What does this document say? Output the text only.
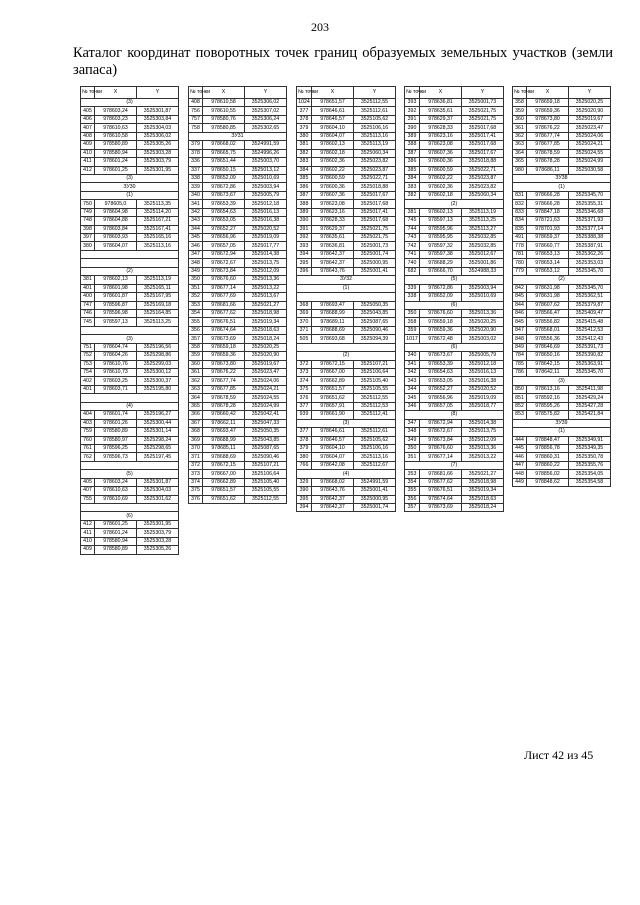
203
Каталог координат поворотных точек границ образуемых земельных участков (земли запаса)
№ точки	X	Y
(3)		
405	978603,24	3525301,87
406	978603,23	3525303,84
407	978610,63	3525304,03
408	978610,58	3525306,02
409	978580,89	3525305,26
410	978580,94	3525303,28
411	978601,24	3525303,79
412	978601,25	3525301,95
(3)		
ЗУ30		
(1)		
750	978605,0	3525113,35
749	978604,98	3525114,20
748	978604,88	3525167,21
398	978603,84	3525167,41
397	978603,93	3525165,16
380	978604,07	3525113,16

(2)		
381	978602,13	3525113,19
401	978601,98	3525165,11
400	978601,87	3525167,95
747	978596,87	3525169,18
746	978596,98	3525164,85
745	978597,13	3525113,25

(3)		
751	978604,74	3525196,56
752	978604,26	3525298,86
753	978610,76	3525299,03
754	978610,73	3525300,12
402	978603,25	3525300,37
401	978603,71	3525195,80

(4)		
404	978601,74	3525196,27
403	978601,26	3525300,44
759	978580,89	3525301,14
760	978580,97	3525298,24
761	978596,25	3525298,65
762	978596,73	3525197,45

(5)		
405	978603,24	3525301,87
407	978610,63	3525304,03
755	978610,69	3525301,62

(6)		
412	978601,25	3525301,95
411	978601,24	3525303,79
410	978580,94	3525303,28
409	978580,89	3525305,26
№ точки	X	Y
408	978610,58	3525306,02
756	978610,55	3525307,02
757	978580,76	3525306,24
758	978580,85	3525302,65
ЗУ31		
379	978668,02	3524991,59
378	978665,75	3524996,26
336	978651,44	3525003,70
337	978650,15	3525013,12
338	978652,09	3525010,69
339	978672,86	3525003,94
340	978673,67	3525005,79
341	978653,39	3525012,18
342	978654,63	3525016,13
343	978653,05	3525016,38
344	978652,27	3525020,52
345	978656,96	3525019,09
346	978657,05	3525017,77
347	978672,94	3525014,38
348	978672,67	3525013,75
349	978673,84	3525012,09
350	978676,60	3525013,36
351	978677,14	3525013,22
352	978677,69	3525013,67
353	978681,66	3525021,27
354	978677,62	3525018,98
355	978676,51	3525019,34
356	978674,64	3525018,63
357	978673,69	3525018,24
358	978659,18	3525020,25
359	978659,36	3525020,90
360	978673,80	3525019,67
361	978676,22	3525023,47
362	978677,74	3525024,06
363	978677,85	3525024,21
364	978678,59	3525024,55
365	978678,28	3525024,99
366	978660,42	3525042,41
367	978662,11	3525047,33
368	978693,47	3525050,35
369	978688,99	3525043,85
370	978685,11	3525087,65
371	978688,69	3525090,46
372	978672,15	3525107,21
373	978667,00	3525106,64
374	978662,89	3525105,40
375	978651,57	3525105,55
376	978651,62	3525112,55
№ точки	X	Y
1024	978651,57	3525112,55
377	978646,61	3525112,61
378	978646,57	3525105,62
379	978604,10	3525106,16
380	978604,07	3525113,16
381	978602,13	3525113,19
382	978602,18	3525060,34
383	978602,36	3525023,82
384	978602,22	3525023,87
385	978600,59	3525022,71
386	978600,36	3525018,88
387	978607,36	3525017,67
388	978623,08	3525017,68
389	978623,16	3525017,41
390	978628,33	3525017,68
391	978629,37	3525021,75
392	978635,61	3525021,75
393	978636,81	3525001,73
394	978642,37	3525001,74
395	978642,37	3525000,95
396	978643,76	3525001,41
ЗУ32		
(1)		

368	978693,47	3525050,35
369	978688,99	3525043,85
370	978689,11	3525087,65
371	978688,69	3525090,46
505	978693,68	3525094,39

(2)		
372	978672,15	3525107,21
373	978667,00	3525106,64
374	978662,89	3525105,40
375	978651,57	3525105,55
376	978651,62	3525112,55
377	978657,91	3525112,53
939	978661,90	3525112,41
(3)		
377	978646,61	3525112,61
378	978646,57	3525105,62
379	978604,10	3525106,16
380	978604,07	3525113,16
766	978642,08	3525112,67
(4)		
329	978668,02	3524991,59
390	978643,76	3525001,41
395	978642,37	3525000,95
394	978642,37	3525001,74
№ точки	X	Y
393	978636,81	3525001,73
392	978635,61	3525021,75
391	978629,37	3525021,75
390	978628,33	3525017,68
389	978623,16	3525017,41
388	978623,08	3525017,68
387	978607,36	3525017,67
386	978600,36	3525018,88
385	978600,59	3525022,71
384	978602,22	3525023,87
383	978602,36	3525023,82
382	978602,18	3525060,34
(2)		
381	978602,13	3525113,19
745	978597,13	3525113,25
744	978595,96	3525113,27
743	978595,95	3525032,85
742	978597,32	3525032,85
741	978597,38	3525012,67
740	978688,29	3525001,86
682	978666,70	3524988,33
(5)		
339	978672,86	3525003,94
338	978652,09	3525010,69
(6)		
350	978676,60	3525013,36
358	978659,18	3525020,25
359	978659,36	3525020,90
1017	978672,48	3525003,02
(6)		
340	978673,67	3525005,79
341	978653,39	3525012,18
342	978654,63	3525016,13
343	978653,05	3525016,38
344	978652,27	3525020,52
345	978656,96	3525019,09
346	978657,05	3525018,77
(8)		
347	978672,94	3525014,38
348	978672,67	3525013,75
349	978673,84	3525012,09
350	978676,60	3525013,36
351	978677,14	3525013,22
(7)		
353	978681,66	3525021,27
354	978677,62	3525018,98
355	978676,51	3525019,34
356	978674,64	3525018,63
357	978673,69	3525018,24
№ точки	X	Y
358	978659,18	3525020,25
359	978659,36	3525020,90
360	978673,80	3525019,67
361	978676,22	3525023,47
362	978677,74	3525024,06
363	978677,85	3525024,21
364	978678,59	3525024,55
365	978678,28	3525024,99
980	978686,11	3525030,58
ЗУ38		
(1)		
831	978666,28	3525345,70
832	978666,28	3525355,31
833	978847,18	3525346,68
834	978721,63	3525371,93
835	978701,93	3525377,14
491	978659,37	3525388,38
778	978660,77	3525387,91
781	978653,13	3525362,26
780	978653,14	3525353,03
779	978653,12	3525345,70
(2)		
842	978631,98	3525345,70
845	978631,98	3525362,51
844	978607,62	3525379,87
846	978566,47	3525409,47
845	978556,82	3525415,48
847	978568,01	3525412,53
848	978556,36	3525412,43
849	978646,69	3525391,73
784	978650,16	3525390,82
785	978642,15	3525363,91
786	978642,11	3525345,70
(3)		
850	978613,16	3525411,98
851	978592,16	3525429,24
852	978595,26	3525427,28
853	978575,82	3525421,84
ЗУ39		
(1)		
444	978848,47	3525349,91
445	978856,78	3525349,35
446	978860,31	3525350,78
447	978860,22	3525355,76
448	978856,02	3525354,05
449	978848,62	3525354,58
Лист 42 из 45
